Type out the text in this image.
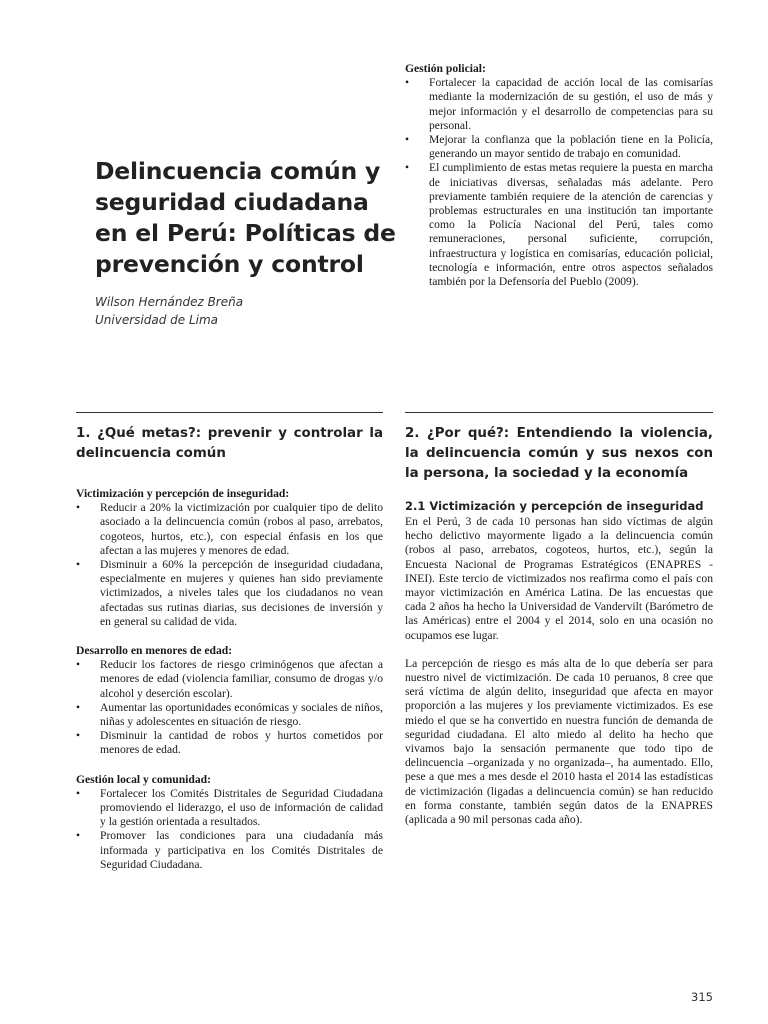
Delincuencia común y
seguridad ciudadana
en el Perú: Políticas de
prevención y control
Wilson Hernández Breña
Universidad de Lima

Gestión policial:

• Fortalecer la capacidad de acción local de las comisarías mediante la modernización de su gestión, el uso de más y mejor información y el desarrollo de competencias para su personal.
• Mejorar la confianza que la población tiene en la Policía, generando un mayor sentido de trabajo en comunidad.
• El cumplimiento de estas metas requiere la puesta en marcha de iniciativas diversas, señaladas más adelante. Pero previamente también requiere de la atención de carencias y problemas estructurales en una institución tan importante como la Policía Nacional del Perú, tales como remuneraciones, personal suficiente, corrupción, infraestructura y logística en comisarías, educación policial, tecnología e información, entre otros aspectos señalados también por la Defensoría del Pueblo (2009).
1. ¿Qué metas?: prevenir y controlar la delincuencia común
2. ¿Por qué?: Entendiendo la violencia, la delincuencia común y sus nexos con la persona, la sociedad y la economía

Victimización y percepción de inseguridad:

• Reducir a 20% la victimización por cualquier tipo de delito asociado a la delincuencia común (robos al paso, arrebatos, cogoteos, hurtos, etc.), con especial énfasis en los que afectan a las mujeres y menores de edad.
• Disminuir a 60% la percepción de inseguridad ciudadana, especialmente en mujeres y quienes han sido previamente victimizados, a niveles tales que los ciudadanos no vean afectadas sus rutinas diarias, sus decisiones de inversión y en general su calidad de vida.

Desarrollo en menores de edad:

• Reducir los factores de riesgo criminógenos que afectan a menores de edad (violencia familiar, consumo de drogas y/o alcohol y deserción escolar).
• Aumentar las oportunidades económicas y sociales de niños, niñas y adolescentes en situación de riesgo.
• Disminuir la cantidad de robos y hurtos cometidos por menores de edad.

Gestión local y comunidad:

• Fortalecer los Comités Distritales de Seguridad Ciudadana promoviendo el liderazgo, el uso de información de calidad y la gestión orientada a resultados.
• Promover las condiciones para una ciudadanía más informada y participativa en los Comités Distritales de Seguridad Ciudadana.
2.1 Victimización y percepción de inseguridad

En el Perú, 3 de cada 10 personas han sido víctimas de algún hecho delictivo mayormente ligado a la delincuencia común (robos al paso, arrebatos, cogoteos, hurtos, etc.), según la Encuesta Nacional de Programas Estratégicos (ENAPRES - INEI). Este tercio de victimizados nos reafirma como el país con mayor victimización en América Latina. De las encuestas que cada 2 años ha hecho la Universidad de Vandervilt (Barómetro de las Américas) entre el 2004 y el 2014, solo en una ocasión no ocupamos ese lugar.

La percepción de riesgo es más alta de lo que debería ser para nuestro nivel de victimización. De cada 10 peruanos, 8 cree que será víctima de algún delito, inseguridad que afecta en mayor proporción a las mujeres y los previamente victimizados. Es ese miedo el que se ha convertido en nuestra función de demanda de seguridad ciudadana. El alto miedo al delito ha hecho que vivamos bajo la sensación permanente que todo tipo de delincuencia –organizada y no organizada–, ha aumentado. Ello, pese a que mes a mes desde el 2010 hasta el 2014 las estadísticas de victimización (ligadas a delincuencia común) se han reducido en forma constante, también según datos de la ENAPRES (aplicada a 90 mil personas cada año).

315
